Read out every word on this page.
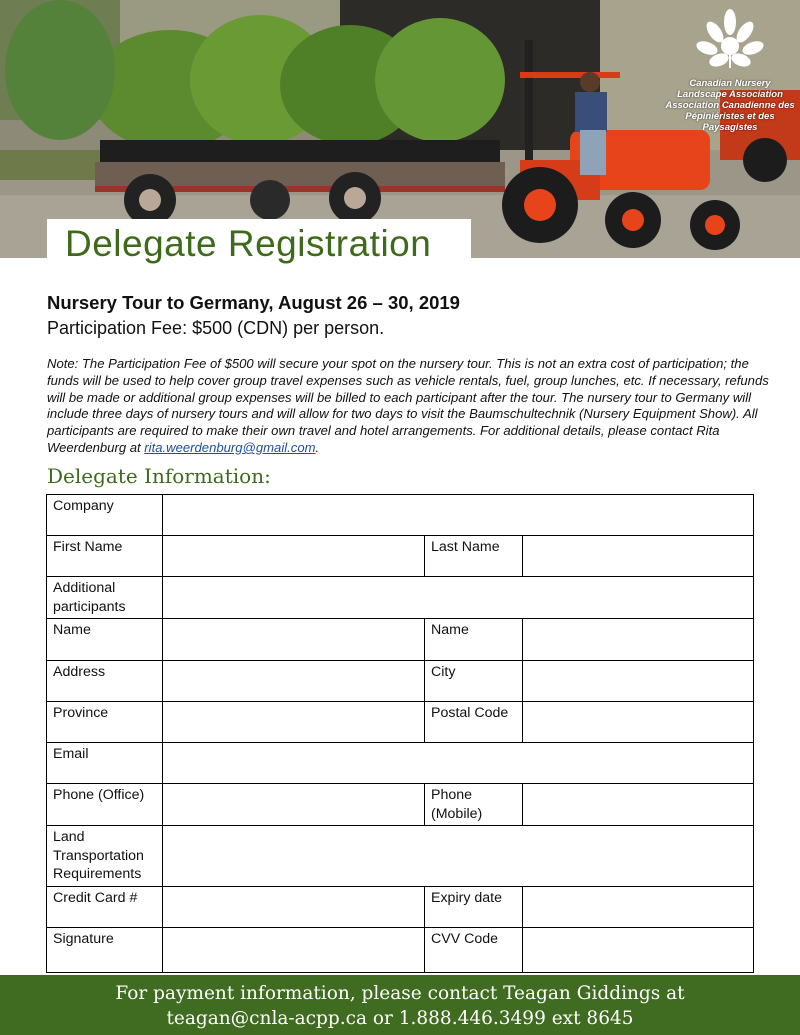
Canadian Nursery
Landscape Association
Association Canadienne des
Pépiniéristes et des Paysagistes
Delegate Registration
Nursery Tour to Germany, August 26 – 30, 2019
Participation Fee: $500 (CDN) per person.
Note: The Participation Fee of $500 will secure your spot on the nursery tour. This is not an extra cost of participation; the funds will be used to help cover group travel expenses such as vehicle rentals, fuel, group lunches, etc. If necessary, refunds will be made or additional group expenses will be billed to each participant after the tour. The nursery tour to Germany will include three days of nursery tours and will allow for two days to visit the Baumschultechnik (Nursery Equipment Show). All participants are required to make their own travel and hotel arrangements. For additional details, please contact Rita Weerdenburg at rita.weerdenburg@gmail.com.
Delegate Information:
Company			
First Name		Last Name	
Additional participants			
Name		Name	
Address		City	
Province		Postal Code	
Email			
Phone (Office)		Phone (Mobile)	
Land Transportation Requirements			
Credit Card #		Expiry date	
Signature		CVV Code	
For payment information, please contact Teagan Giddings at
teagan@cnla-acpp.ca or 1.888.446.3499 ext 8645
